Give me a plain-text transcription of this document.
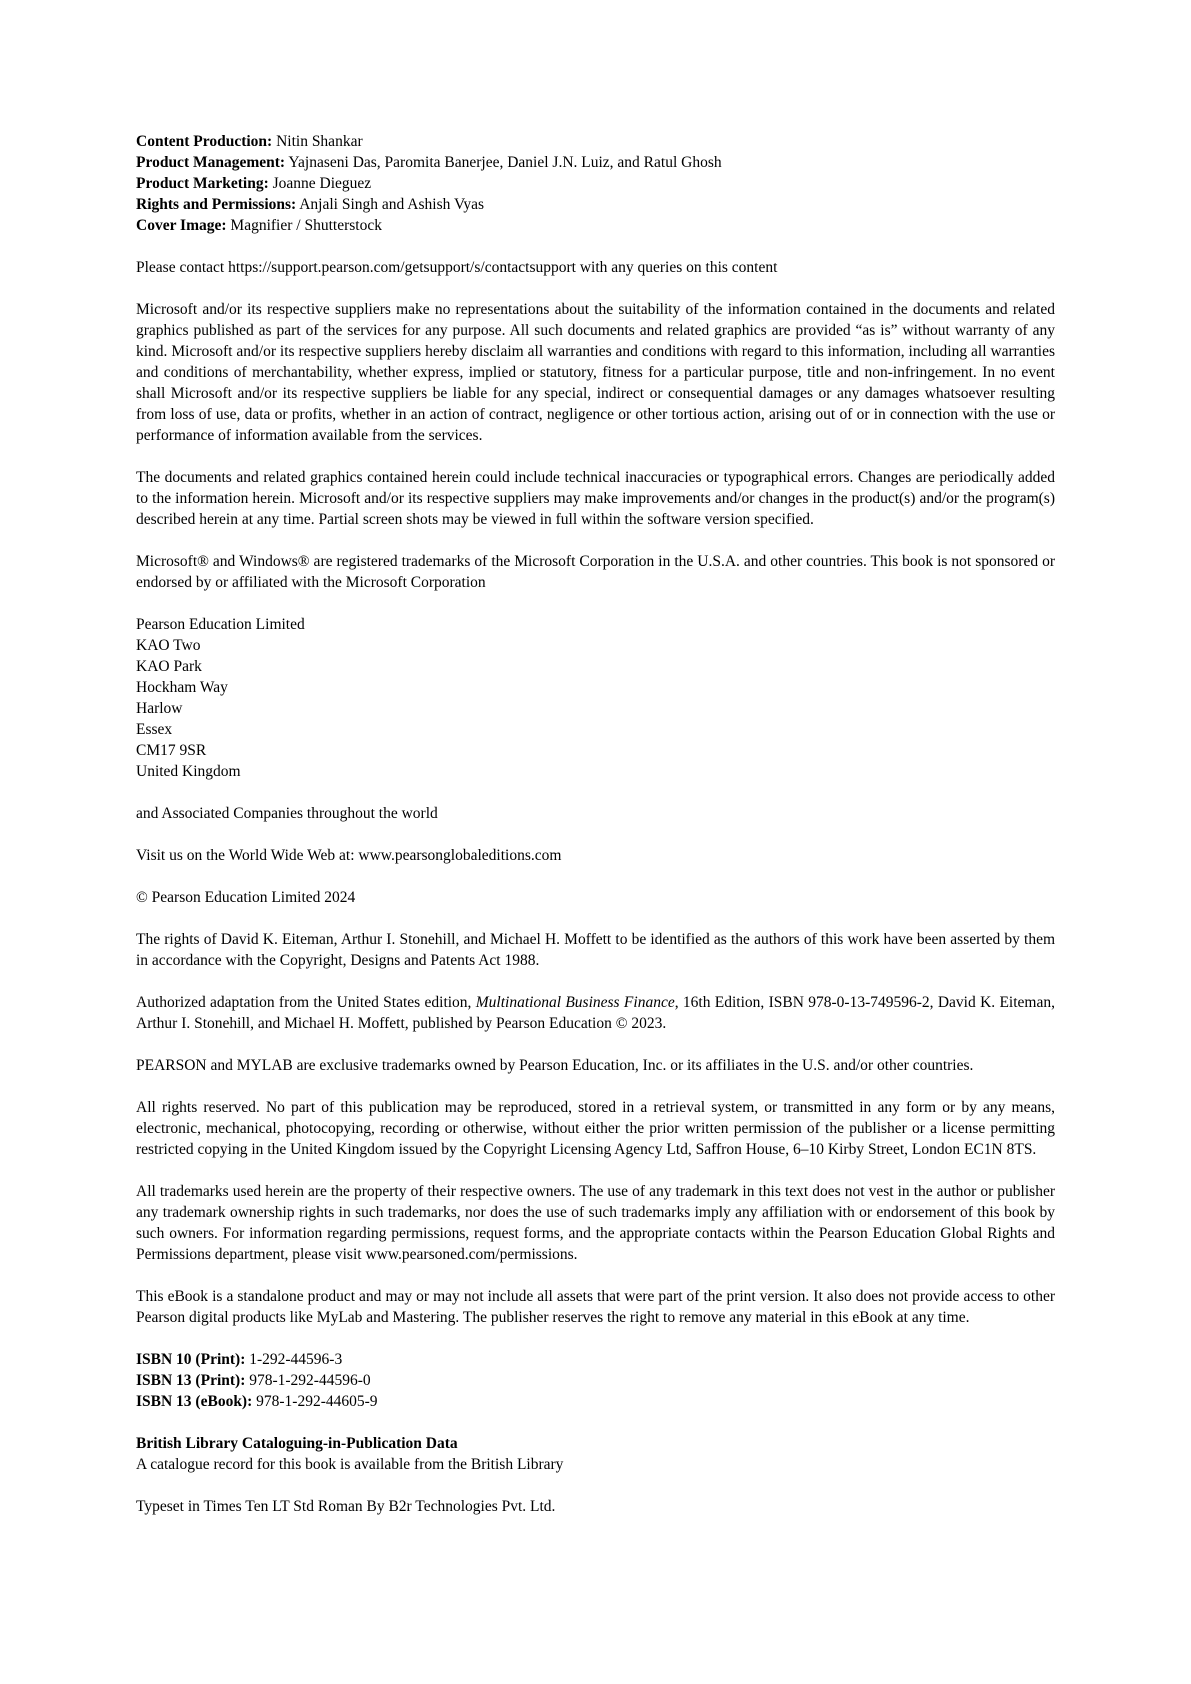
Content Production: Nitin Shankar
Product Management: Yajnaseni Das, Paromita Banerjee, Daniel J.N. Luiz, and Ratul Ghosh
Product Marketing: Joanne Dieguez
Rights and Permissions: Anjali Singh and Ashish Vyas
Cover Image: Magnifier / Shutterstock

Please contact https://support.pearson.com/getsupport/s/contactsupport with any queries on this content

Microsoft and/or its respective suppliers make no representations about the suitability of the information contained in the documents and related graphics published as part of the services for any purpose. All such documents and related graphics are provided “as is” without warranty of any kind. Microsoft and/or its respective suppliers hereby disclaim all warranties and conditions with regard to this information, including all warranties and conditions of merchantability, whether express, implied or statutory, fitness for a particular purpose, title and non-infringement. In no event shall Microsoft and/or its respective suppliers be liable for any special, indirect or consequential damages or any damages whatsoever resulting from loss of use, data or profits, whether in an action of contract, negligence or other tortious action, arising out of or in connection with the use or performance of information available from the services.

The documents and related graphics contained herein could include technical inaccuracies or typographical errors. Changes are periodically added to the information herein. Microsoft and/or its respective suppliers may make improvements and/or changes in the product(s) and/or the program(s) described herein at any time. Partial screen shots may be viewed in full within the software version specified.

Microsoft® and Windows® are registered trademarks of the Microsoft Corporation in the U.S.A. and other countries. This book is not sponsored or endorsed by or affiliated with the Microsoft Corporation

Pearson Education Limited
KAO Two
KAO Park
Hockham Way
Harlow
Essex
CM17 9SR
United Kingdom

and Associated Companies throughout the world

Visit us on the World Wide Web at: www.pearsonglobaleditions.com

© Pearson Education Limited 2024

The rights of David K. Eiteman, Arthur I. Stonehill, and Michael H. Moffett to be identified as the authors of this work have been asserted by them in accordance with the Copyright, Designs and Patents Act 1988.

Authorized adaptation from the United States edition, Multinational Business Finance, 16th Edition, ISBN 978-0-13-749596-2, David K. Eiteman, Arthur I. Stonehill, and Michael H. Moffett, published by Pearson Education © 2023.

PEARSON and MYLAB are exclusive trademarks owned by Pearson Education, Inc. or its affiliates in the U.S. and/or other countries.

All rights reserved. No part of this publication may be reproduced, stored in a retrieval system, or transmitted in any form or by any means, electronic, mechanical, photocopying, recording or otherwise, without either the prior written permission of the publisher or a license permitting restricted copying in the United Kingdom issued by the Copyright Licensing Agency Ltd, Saffron House, 6–10 Kirby Street, London EC1N 8TS.

All trademarks used herein are the property of their respective owners. The use of any trademark in this text does not vest in the author or publisher any trademark ownership rights in such trademarks, nor does the use of such trademarks imply any affiliation with or endorsement of this book by such owners. For information regarding permissions, request forms, and the appropriate contacts within the Pearson Education Global Rights and Permissions department, please visit www.pearsoned.com/permissions.

This eBook is a standalone product and may or may not include all assets that were part of the print version. It also does not provide access to other Pearson digital products like MyLab and Mastering. The publisher reserves the right to remove any material in this eBook at any time.

ISBN 10 (Print): 1-292-44596-3
ISBN 13 (Print): 978-1-292-44596-0
ISBN 13 (eBook): 978-1-292-44605-9
British Library Cataloguing-in-Publication Data
A catalogue record for this book is available from the British Library

Typeset in Times Ten LT Std Roman By B2r Technologies Pvt. Ltd.
